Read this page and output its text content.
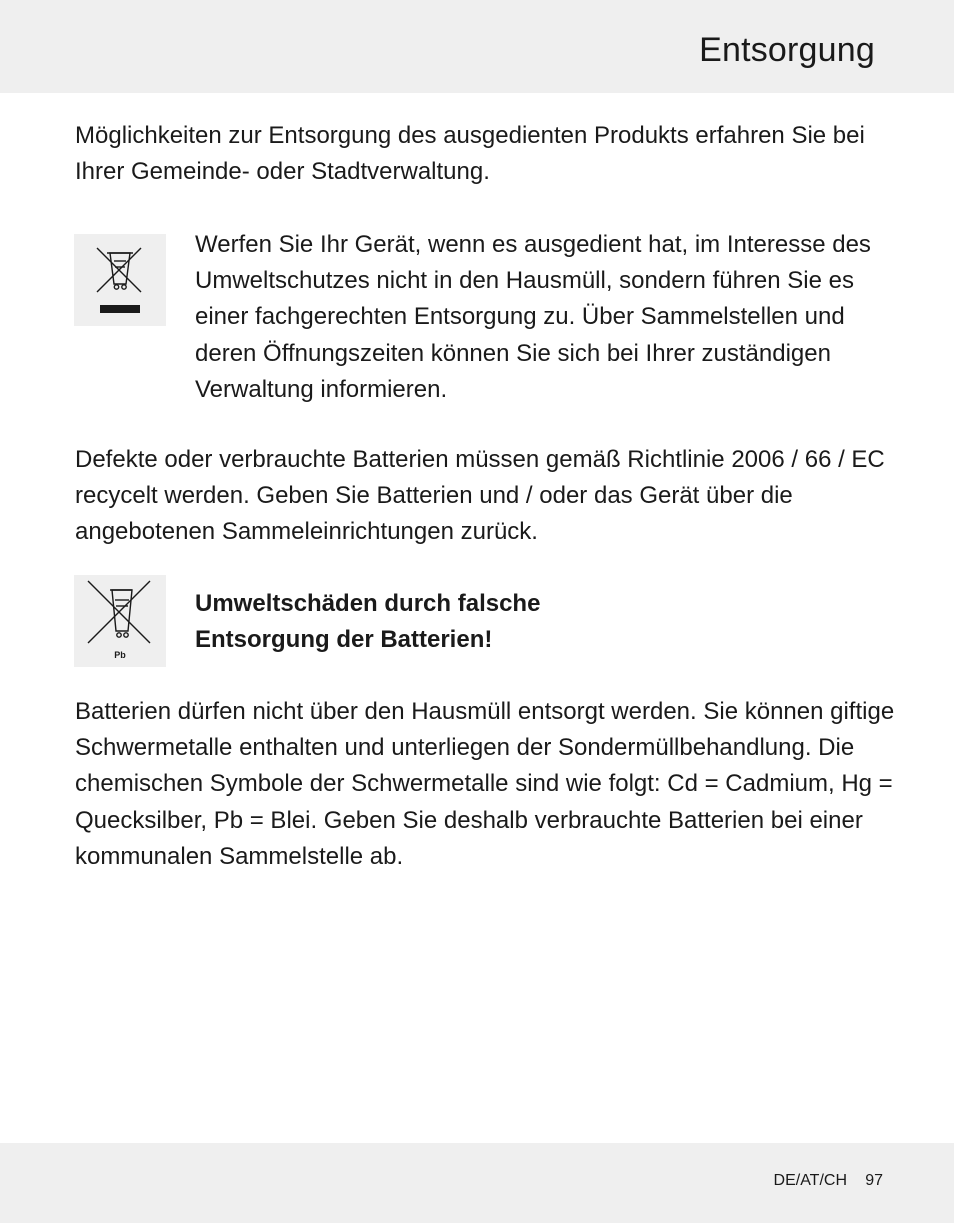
Entsorgung

Möglichkeiten zur Entsorgung des ausgedienten Produkts erfahren Sie bei Ihrer Gemeinde- oder Stadtverwaltung.

Werfen Sie Ihr Gerät, wenn es ausgedient hat, im Interesse des Umweltschutzes nicht in den Hausmüll, sondern führen Sie es einer fachgerechten Entsorgung zu. Über Sammelstellen und deren Öffnungszeiten können Sie sich bei Ihrer zuständigen Verwaltung informieren.

Defekte oder verbrauchte Batterien müssen gemäß Richtlinie 2006 / 66 / EC recycelt werden. Geben Sie Batterien und / oder das Gerät über die angebotenen Sammeleinrichtungen zurück.

Pb

Umweltschäden durch falsche
Entsorgung der Batterien!

Batterien dürfen nicht über den Hausmüll entsorgt werden. Sie können giftige Schwermetalle enthalten und unterliegen der Sondermüllbehandlung. Die chemischen Symbole der Schwermetalle sind wie folgt: Cd = Cadmium, Hg = Quecksilber, Pb = Blei. Geben Sie deshalb verbrauchte Batterien bei einer kommunalen Sammelstelle ab.

DE/AT/CH 97
